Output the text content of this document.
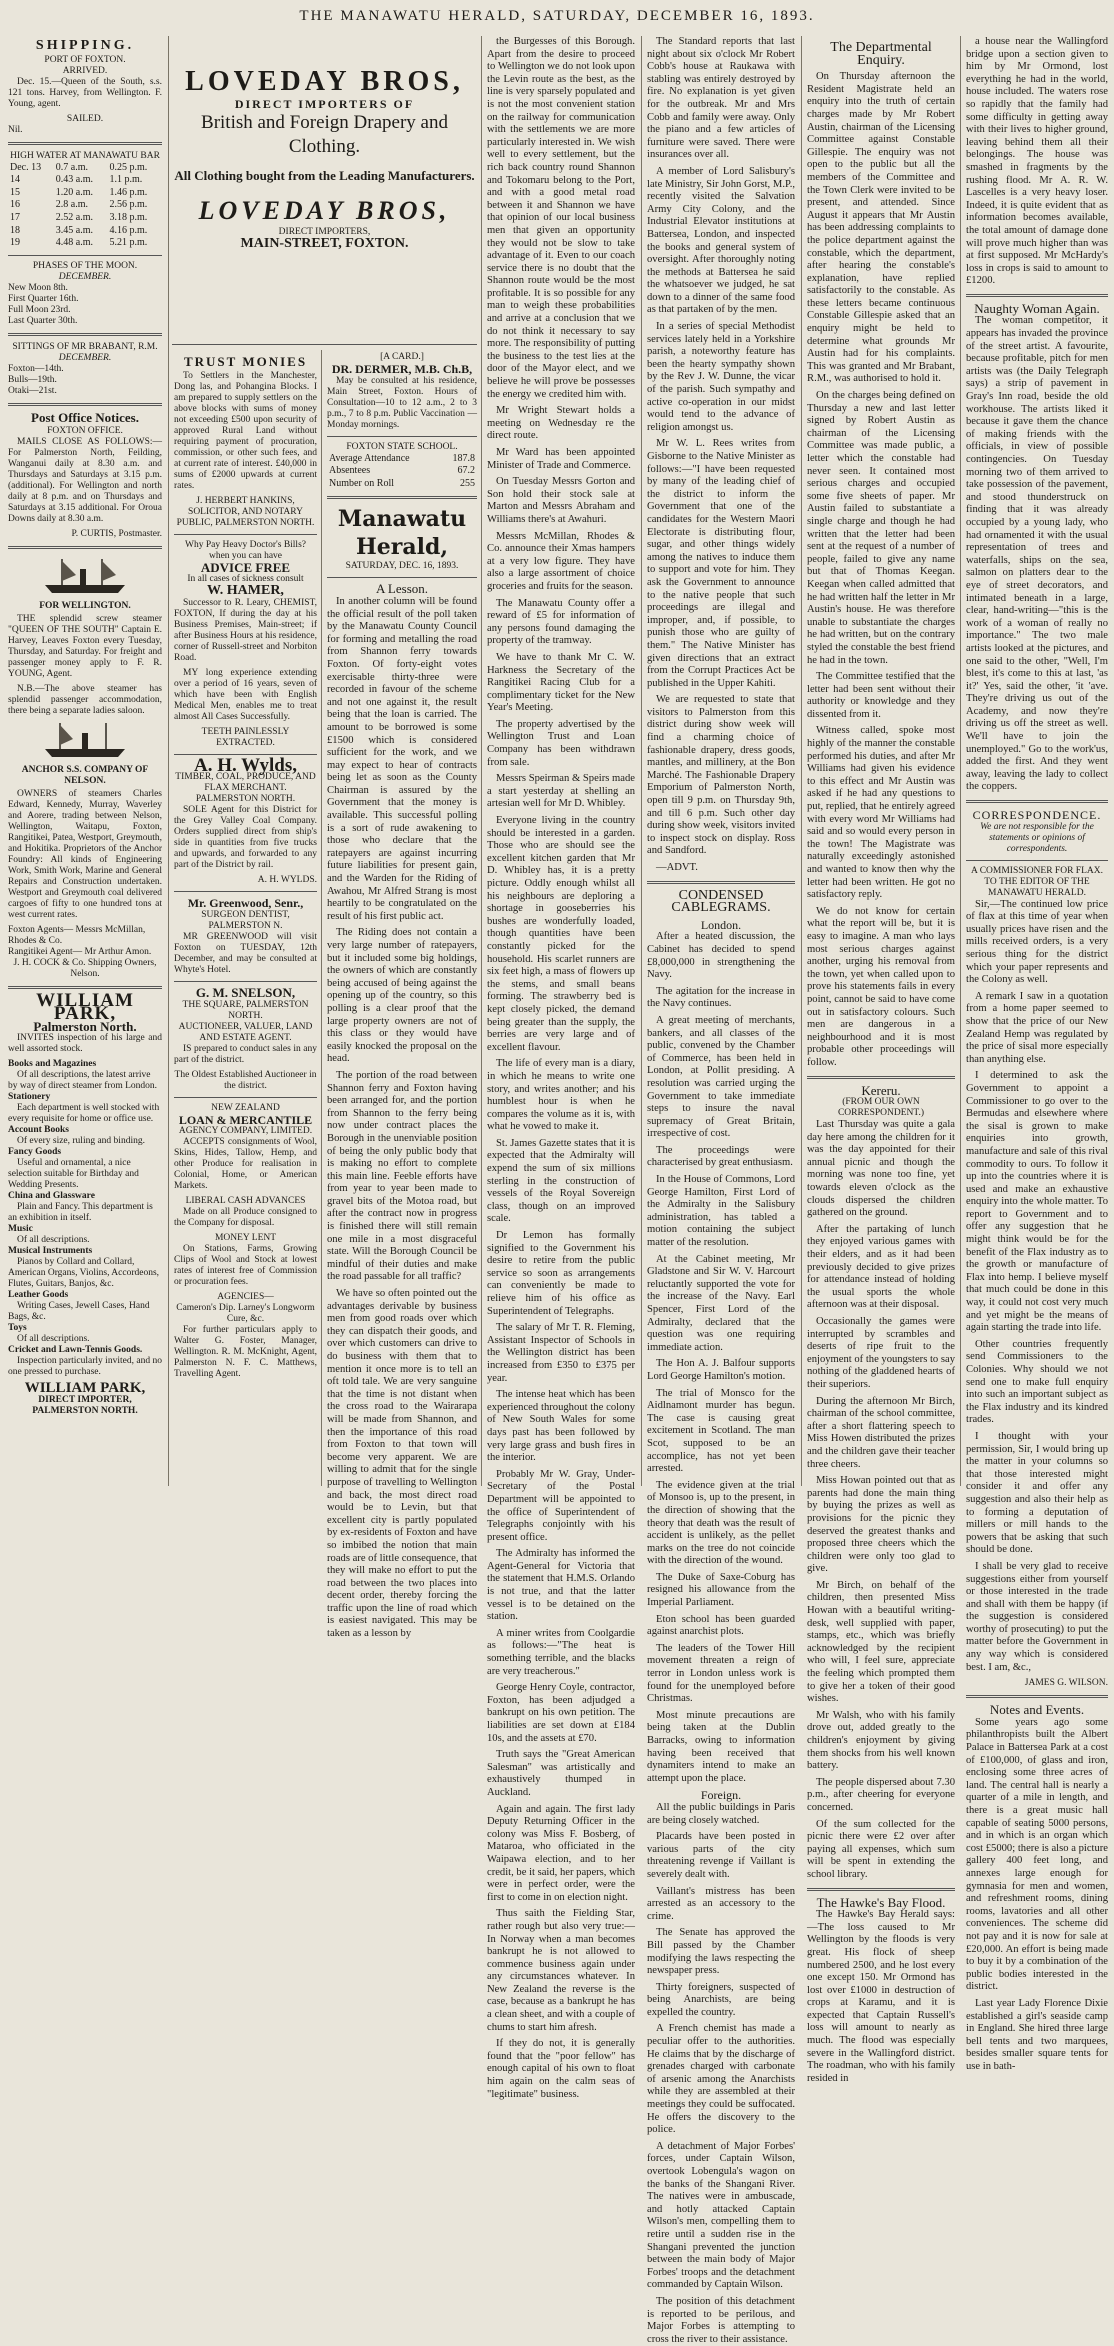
THE MANAWATU HERALD, SATURDAY, DECEMBER 16, 1893.
SHIPPING.
PORT OF FOXTON.
ARRIVED.

Dec. 15.—Queen of the South, s.s. 121 tons. Harvey, from Wellington. F. Young, agent.

SAILED.
Nil.
HIGH WATER AT MANAWATU BAR
Dec. 13	0.7 a.m.	0.25 p.m.
14	0.43 a.m.	1.1 p.m.
15	1.20 a.m.	1.46 p.m.
16	2.8 a.m.	2.56 p.m.
17	2.52 a.m.	3.18 p.m.
18	3.45 a.m.	4.16 p.m.
19	4.48 a.m.	5.21 p.m.
PHASES OF THE MOON.
DECEMBER.
New Moon 8th.
First Quarter 16th.
Full Moon 23rd.
Last Quarter 30th.
SITTINGS OF MR BRABANT, R.M.
DECEMBER.
Foxton—14th.
Bulls—19th.
Otaki—21st.
Post Office Notices.
FOXTON OFFICE.

MAILS CLOSE AS FOLLOWS:— For Palmerston North, Feilding, Wanganui daily at 8.30 a.m. and Thursdays and Saturdays at 3.15 p.m. (additional). For Wellington and north daily at 8 p.m. and on Thursdays and Saturdays at 3.15 additional. For Oroua Downs daily at 8.30 a.m.

P. CURTIS, Postmaster.
FOR WELLINGTON.

THE splendid screw steamer "QUEEN OF THE SOUTH" Captain E. Harvey, Leaves Foxton every Tuesday, Thursday, and Saturday. For freight and passenger money apply to F. R. YOUNG, Agent.

N.B.—The above steamer has splendid passenger accommodation, there being a separate ladies saloon.

ANCHOR S.S. COMPANY OF NELSON.

OWNERS of steamers Charles Edward, Kennedy, Murray, Waverley and Aorere, trading between Nelson, Wellington, Waitapu, Foxton, Rangitikei, Patea, Westport, Greymouth, and Hokitika. Proprietors of the Anchor Foundry: All kinds of Engineering Work, Smith Work, Marine and General Repairs and Construction undertaken. Westport and Greymouth coal delivered cargoes of fifty to one hundred tons at west current rates.

Foxton Agents— Messrs McMillan, Rhodes & Co.
Rangitikei Agent— Mr Arthur Amon.
J. H. COCK & Co. Shipping Owners, Nelson.
WILLIAM PARK,
Palmerston North.

INVITES inspection of his large and well assorted stock.

Books and Magazines
Of all descriptions, the latest arrive by way of direct steamer from London.
Stationery
Each department is well stocked with every requisite for home or office use.
Account Books
Of every size, ruling and binding.
Fancy Goods
Useful and ornamental, a nice selection suitable for Birthday and Wedding Presents.
China and Glassware
Plain and Fancy. This department is an exhibition in itself.
Music
Of all descriptions.
Musical Instruments
Pianos by Collard and Collard, American Organs, Violins, Accordeons, Flutes, Guitars, Banjos, &c.
Leather Goods
Writing Cases, Jewell Cases, Hand Bags, &c.
Toys
Of all descriptions.
Cricket and Lawn-Tennis Goods.

Inspection particularly invited, and no one pressed to purchase.

WILLIAM PARK,
DIRECT IMPORTER,
PALMERSTON NORTH.
LOVEDAY BROS,
DIRECT IMPORTERS OF
British and Foreign Drapery and Clothing.
All Clothing bought from the Leading Manufacturers.
LOVEDAY BROS,
DIRECT IMPORTERS,
MAIN-STREET, FOXTON.
TRUST MONIES

To Settlers in the Manchester, Dong las, and Pohangina Blocks. I am prepared to supply settlers on the above blocks with sums of money not exceeding £500 upon security of approved Rural Land without requiring payment of procuration, commission, or other such fees, and at current rate of interest. £40,000 in sums of £2000 upwards at current rates.

J. HERBERT HANKINS, SOLICITOR, AND NOTARY PUBLIC, PALMERSTON NORTH.
Why Pay Heavy Doctor's Bills? when you can have
ADVICE FREE
In all cases of sickness consult
W. HAMER,

Successor to R. Leary, CHEMIST, FOXTON, If during the day at his Business Premises, Main-street; if after Business Hours at his residence, corner of Russell-street and Norbiton Road.

MY long experience extending over a period of 16 years, seven of which have been with English Medical Men, enables me to treat almost All Cases Successfully.

TEETH PAINLESSLY EXTRACTED.
A. H. Wylds,
TIMBER, COAL, PRODUCE, AND FLAX MERCHANT.
PALMERSTON NORTH.

SOLE Agent for this District for the Grey Valley Coal Company. Orders supplied direct from ship's side in quantities from five trucks and upwards, and forwarded to any part of the District by rail.

A. H. WYLDS.
Mr. Greenwood, Senr.,
SURGEON DENTIST, PALMERSTON N.

MR GREENWOOD will visit Foxton on TUESDAY, 12th December, and may be consulted at Whyte's Hotel.

G. M. SNELSON,
THE SQUARE, PALMERSTON NORTH.
AUCTIONEER, VALUER, LAND AND ESTATE AGENT.

IS prepared to conduct sales in any part of the district.

The Oldest Established Auctioneer in the district.
NEW ZEALAND
LOAN & MERCANTILE
AGENCY COMPANY, LIMITED.

ACCEPTS consignments of Wool, Skins, Hides, Tallow, Hemp, and other Produce for realisation in Colonial, Home, or American Markets.

LIBERAL CASH ADVANCES

Made on all Produce consigned to the Company for disposal.

MONEY LENT

On Stations, Farms, Growing Clips of Wool and Stock at lowest rates of interest free of Commission or procuration fees.

AGENCIES—
Cameron's Dip. Larney's Longworm Cure, &c.

For further particulars apply to Walter G. Foster, Manager, Wellington. R. M. McKnight, Agent, Palmerston N. F. C. Matthews, Travelling Agent.

[A CARD.]
DR. DERMER, M.B. Ch.B,

May be consulted at his residence, Main Street, Foxton. Hours of Consultation—10 to 12 a.m., 2 to 3 p.m., 7 to 8 p.m. Public Vaccination — Monday mornings.

FOXTON STATE SCHOOL.
Average Attendance	187.8
Absentees	67.2
Number on Roll	255
Manawatu Herald,
SATURDAY, DEC. 16, 1893.
A Lesson.

In another column will be found the official result of the poll taken by the Manawatu County Council for forming and metalling the road from Shannon ferry towards Foxton. Of forty-eight votes exercisable thirty-three were recorded in favour of the scheme and not one against it, the result being that the loan is carried. The amount to be borrowed is some £1500 which is considered sufficient for the work, and we may expect to hear of contracts being let as soon as the County Chairman is assured by the Government that the money is available. This successful polling is a sort of rude awakening to those who declare that the ratepayers are against incurring future liabilities for present gain, and the Warden for the Riding of Awahou, Mr Alfred Strang is most heartily to be congratulated on the result of his first public act.

The Riding does not contain a very large number of ratepayers, but it included some big holdings, the owners of which are constantly being accused of being against the opening up of the country, so this polling is a clear proof that the large property owners are not of this class or they would have easily knocked the proposal on the head.

The portion of the road between Shannon ferry and Foxton having been arranged for, and the portion from Shannon to the ferry being now under contract places the Borough in the unenviable position of being the only public body that is making no effort to complete this main line. Feeble efforts have from year to year been made to gravel bits of the Motoa road, but after the contract now in progress is finished there will still remain one mile in a most disgraceful state. Will the Borough Council be mindful of their duties and make the road passable for all traffic?

We have so often pointed out the advantages derivable by business men from good roads over which they can dispatch their goods, and over which customers can drive to do business with them that to mention it once more is to tell an oft told tale. We are very sanguine that the time is not distant when the cross road to the Wairarapa will be made from Shannon, and then the importance of this road from Foxton to that town will become very apparent. We are willing to admit that for the single purpose of travelling to Wellington and back, the most direct road would be to Levin, but that excellent city is partly populated by ex-residents of Foxton and have so imbibed the notion that main roads are of little consequence, that they will make no effort to put the road between the two places into decent order, thereby forcing the traffic upon the line of road which is easiest navigated. This may be taken as a lesson by

the Burgesses of this Borough. Apart from the desire to proceed to Wellington we do not look upon the Levin route as the best, as the line is very sparsely populated and is not the most convenient station on the railway for communication with the settlements we are more particularly interested in. We wish well to every settlement, but the rich back country round Shannon and Tokomaru belong to the Port, and with a good metal road between it and Shannon we have that opinion of our local business men that given an opportunity they would not be slow to take advantage of it. Even to our coach service there is no doubt that the Shannon route would be the most profitable. It is so possible for any man to weigh these probabilities and arrive at a conclusion that we do not think it necessary to say more. The responsibility of putting the business to the test lies at the door of the Mayor elect, and we believe he will prove be possesses the energy we credited him with.

Mr Wright Stewart holds a meeting on Wednesday re the direct route.

Mr Ward has been appointed Minister of Trade and Commerce.

On Tuesday Messrs Gorton and Son hold their stock sale at Marton and Messrs Abraham and Williams there's at Awahuri.

Messrs McMillan, Rhodes & Co. announce their Xmas hampers at a very low figure. They have also a large assortment of choice groceries and fruits for the season.

The Manawatu County offer a reward of £5 for information of any persons found damaging the property of the tramway.

We have to thank Mr C. W. Harkness the Secretary of the Rangitikei Racing Club for a complimentary ticket for the New Year's Meeting.

The property advertised by the Wellington Trust and Loan Company has been withdrawn from sale.

Messrs Speirman & Speirs made a start yesterday at shelling an artesian well for Mr D. Whibley.

Everyone living in the country should be interested in a garden. Those who are should see the excellent kitchen garden that Mr D. Whibley has, it is a pretty picture. Oddly enough whilst all his neighbours are deploring a shortage in gooseberries his bushes are wonderfully loaded, though quantities have been constantly picked for the household. His scarlet runners are six feet high, a mass of flowers up the stems, and small beans forming. The strawberry bed is kept closely picked, the demand being greater than the supply, the berries are very large and of excellent flavour.

The life of every man is a diary, in which he means to write one story, and writes another; and his humblest hour is when he compares the volume as it is, with what he vowed to make it.

St. James Gazette states that it is expected that the Admiralty will expend the sum of six millions sterling in the construction of vessels of the Royal Sovereign class, though on an improved scale.

Dr Lemon has formally signified to the Government his desire to retire from the public service so soon as arrangements can conveniently be made to relieve him of his office as Superintendent of Telegraphs.

The salary of Mr T. R. Fleming, Assistant Inspector of Schools in the Wellington district has been increased from £350 to £375 per year.

The intense heat which has been experienced throughout the colony of New South Wales for some days past has been followed by very large grass and bush fires in the interior.

Probably Mr W. Gray, Under-Secretary of the Postal Department will be appointed to the office of Superintendent of Telegraphs conjointly with his present office.

The Admiralty has informed the Agent-General for Victoria that the statement that H.M.S. Orlando is not true, and that the latter vessel is to be detained on the station.

A miner writes from Coolgardie as follows:—"The heat is something terrible, and the blacks are very treacherous."

George Henry Coyle, contractor, Foxton, has been adjudged a bankrupt on his own petition. The liabilities are set down at £184 10s, and the assets at £70.

Truth says the "Great American Salesman" was artistically and exhaustively thumped in Auckland.

Again and again. The first lady Deputy Returning Officer in the colony was Miss F. Bosberg, of Mataroa, who officiated in the Waipawa election, and to her credit, be it said, her papers, which were in perfect order, were the first to come in on election night.

Thus saith the Fielding Star, rather rough but also very true:—In Norway when a man becomes bankrupt he is not allowed to commence business again under any circumstances whatever. In New Zealand the reverse is the case, because as a bankrupt he has a clean sheet, and with a couple of chums to start him afresh.

If they do not, it is generally found that the "poor fellow" has enough capital of his own to float him again on the calm seas of "legitimate" business.

The Standard reports that last night about six o'clock Mr Robert Cobb's house at Raukawa with stabling was entirely destroyed by fire. No explanation is yet given for the outbreak. Mr and Mrs Cobb and family were away. Only the piano and a few articles of furniture were saved. There were insurances over all.

A member of Lord Salisbury's late Ministry, Sir John Gorst, M.P., recently visited the Salvation Army City Colony, and the Industrial Elevator institutions at Battersea, London, and inspected the books and general system of oversight. After thoroughly noting the methods at Battersea he said the whatsoever we judged, he sat down to a dinner of the same food as that partaken of by the men.

In a series of special Methodist services lately held in a Yorkshire parish, a noteworthy feature has been the hearty sympathy shown by the Rev J. W. Dunne, the vicar of the parish. Such sympathy and active co-operation in our midst would tend to the advance of religion amongst us.

Mr W. L. Rees writes from Gisborne to the Native Minister as follows:—"I have been requested by many of the leading chief of the district to inform the Government that one of the candidates for the Western Maori Electorate is distributing flour, sugar, and other things widely among the natives to induce them to support and vote for him. They ask the Government to announce to the native people that such proceedings are illegal and improper, and, if possible, to punish those who are guilty of them." The Native Minister has given directions that an extract from the Corrupt Practices Act be published in the Upper Kahiti.

We are requested to state that visitors to Palmerston from this district during show week will find a charming choice of fashionable drapery, dress goods, mantles, and millinery, at the Bon Marché. The Fashionable Drapery Emporium of Palmerston North, open till 9 p.m. on Thursday 9th, and till 6 p.m. Such other day during show week, visitors invited to inspect stock on display. Ross and Sandford.

—ADVT.

CONDENSED CABLEGRAMS.
London.

After a heated discussion, the Cabinet has decided to spend £8,000,000 in strengthening the Navy.

The agitation for the increase in the Navy continues.

A great meeting of merchants, bankers, and all classes of the public, convened by the Chamber of Commerce, has been held in London, at Pollit presiding. A resolution was carried urging the Government to take immediate steps to insure the naval supremacy of Great Britain, irrespective of cost.

The proceedings were characterised by great enthusiasm.

In the House of Commons, Lord George Hamilton, First Lord of the Admiralty in the Salisbury administration, has tabled a motion containing the subject matter of the resolution.

At the Cabinet meeting, Mr Gladstone and Sir W. V. Harcourt reluctantly supported the vote for the increase of the Navy. Earl Spencer, First Lord of the Admiralty, declared that the question was one requiring immediate action.

The Hon A. J. Balfour supports Lord George Hamilton's motion.

The trial of Monsco for the Aidlnamont murder has begun. The case is causing great excitement in Scotland. The man Scot, supposed to be an accomplice, has not yet been arrested.

The evidence given at the trial of Monsoo is, up to the present, in the direction of showing that the theory that death was the result of accident is unlikely, as the pellet marks on the tree do not coincide with the direction of the wound.

The Duke of Saxe-Coburg has resigned his allowance from the Imperial Parliament.

Eton school has been guarded against anarchist plots.

The leaders of the Tower Hill movement threaten a reign of terror in London unless work is found for the unemployed before Christmas.

Most minute precautions are being taken at the Dublin Barracks, owing to information having been received that dynamiters intend to make an attempt upon the place.

Foreign.

All the public buildings in Paris are being closely watched.

Placards have been posted in various parts of the city threatening revenge if Vaillant is severely dealt with.

Vaillant's mistress has been arrested as an accessory to the crime.

The Senate has approved the Bill passed by the Chamber modifying the laws respecting the newspaper press.

Thirty foreigners, suspected of being Anarchists, are being expelled the country.

A French chemist has made a peculiar offer to the authorities. He claims that by the discharge of grenades charged with carbonate of arsenic among the Anarchists while they are assembled at their meetings they could be suffocated. He offers the discovery to the police.

A detachment of Major Forbes' forces, under Captain Wilson, overtook Lobengula's wagon on the banks of the Shangani River. The natives were in ambuscade, and hotly attacked Captain Wilson's men, compelling them to retire until a sudden rise in the Shangani prevented the junction between the main body of Major Forbes' troops and the detachment commanded by Captain Wilson.

The position of this detachment is reported to be perilous, and Major Forbes is attempting to cross the river to their assistance.

The Departmental Enquiry.

On Thursday afternoon the Resident Magistrate held an enquiry into the truth of certain charges made by Mr Robert Austin, chairman of the Licensing Committee against Constable Gillespie. The enquiry was not open to the public but all the members of the Committee and the Town Clerk were invited to be present, and attended. Since August it appears that Mr Austin has been addressing complaints to the police department against the constable, which the department, after hearing the constable's explanation, have replied satisfactorily to the constable. As these letters became continuous Constable Gillespie asked that an enquiry might be held to determine what grounds Mr Austin had for his complaints. This was granted and Mr Brabant, R.M., was authorised to hold it.

On the charges being defined on Thursday a new and last letter signed by Robert Austin as chairman of the Licensing Committee was made public, a letter which the constable had never seen. It contained most serious charges and occupied some five sheets of paper. Mr Austin failed to substantiate a single charge and though he had written that the letter had been sent at the request of a number of people, failed to give any name but that of Thomas Keegan. Keegan when called admitted that he had written half the letter in Mr Austin's house. He was therefore unable to substantiate the charges he had written, but on the contrary styled the constable the best friend he had in the town.

The Committee testified that the letter had been sent without their authority or knowledge and they dissented from it.

Witness called, spoke most highly of the manner the constable performed his duties, and after Mr Williams had given his evidence to this effect and Mr Austin was asked if he had any questions to put, replied, that he entirely agreed with every word Mr Williams had said and so would every person in the town! The Magistrate was naturally exceedingly astonished and wanted to know then why the letter had been written. He got no satisfactory reply.

We do not know for certain what the report will be, but it is easy to imagine. A man who lays most serious charges against another, urging his removal from the town, yet when called upon to prove his statements fails in every point, cannot be said to have come out in satisfactory colours. Such men are dangerous in a neighbourhood and it is most probable other proceedings will follow.

Kereru.
(FROM OUR OWN CORRESPONDENT.)

Last Thursday was quite a gala day here among the children for it was the day appointed for their annual picnic and though the morning was none too fine, yet towards eleven o'clock as the clouds dispersed the children gathered on the ground.

After the partaking of lunch they enjoyed various games with their elders, and as it had been previously decided to give prizes for attendance instead of holding the usual sports the whole afternoon was at their disposal.

Occasionally the games were interrupted by scrambles and deserts of ripe fruit to the enjoyment of the youngsters to say nothing of the gladdened hearts of their superiors.

During the afternoon Mr Birch, chairman of the school committee, after a short flattering speech to Miss Howen distributed the prizes and the children gave their teacher three cheers.

Miss Howan pointed out that as parents had done the main thing by buying the prizes as well as provisions for the picnic they deserved the greatest thanks and proposed three cheers which the children were only too glad to give.

Mr Birch, on behalf of the children, then presented Miss Howan with a beautiful writing-desk, well supplied with paper, stamps, etc., which was briefly acknowledged by the recipient who will, I feel sure, appreciate the feeling which prompted them to give her a token of their good wishes.

Mr Walsh, who with his family drove out, added greatly to the children's enjoyment by giving them shocks from his well known battery.

The people dispersed about 7.30 p.m., after cheering for everyone concerned.

Of the sum collected for the picnic there were £2 over after paying all expenses, which sum will be spent in extending the school library.

The Hawke's Bay Flood.

The Hawke's Bay Herald says:—The loss caused to Mr Wellington by the floods is very great. His flock of sheep numbered 2500, and he lost every one except 150. Mr Ormond has lost over £1000 in destruction of crops at Karamu, and it is expected that Captain Russell's loss will amount to nearly as much. The flood was especially severe in the Wallingford district. The roadman, who with his family resided in

a house near the Wallingford bridge upon a section given to him by Mr Ormond, lost everything he had in the world, house included. The waters rose so rapidly that the family had some difficulty in getting away with their lives to higher ground, leaving behind them all their belongings. The house was smashed in fragments by the rushing flood. Mr A. R. W. Lascelles is a very heavy loser. Indeed, it is quite evident that as information becomes available, the total amount of damage done will prove much higher than was at first supposed. Mr McHardy's loss in crops is said to amount to £1200.

Naughty Woman Again.

The woman competitor, it appears has invaded the province of the street artist. A favourite, because profitable, pitch for men artists was (the Daily Telegraph says) a strip of pavement in Gray's Inn road, beside the old workhouse. The artists liked it because it gave them the chance of making friends with the officials, in view of possible contingencies. On Tuesday morning two of them arrived to take possession of the pavement, and stood thunderstruck on finding that it was already occupied by a young lady, who had ornamented it with the usual representation of trees and waterfalls, ships on the sea, salmon on platters dear to the eye of street decorators, and intimated beneath in a large, clear, hand-writing—"this is the work of a woman of really no importance." The two male artists looked at the pictures, and one said to the other, "Well, I'm blest, it's come to this at last, 'as it?' Yes, said the other, 'it 'ave. They're driving us out of the Academy, and now they're driving us off the street as well. We'll have to join the unemployed." Go to the work'us, added the first. And they went away, leaving the lady to collect the coppers.

CORRESPONDENCE.
We are not responsible for the statements or opinions of correspondents.
A COMMISSIONER FOR FLAX.
TO THE EDITOR OF THE MANAWATU HERALD.

Sir,—The continued low price of flax at this time of year when usually prices have risen and the mills received orders, is a very serious thing for the district which your paper represents and the Colony as well.

A remark I saw in a quotation from a home paper seemed to show that the price of our New Zealand Hemp was regulated by the price of sisal more especially than anything else.

I determined to ask the Government to appoint a Commissioner to go over to the Bermudas and elsewhere where the sisal is grown to make enquiries into growth, manufacture and sale of this rival commodity to ours. To follow it up into the countries where it is used and make an exhaustive enquiry into the whole matter. To report to Government and to offer any suggestion that he might think would be for the benefit of the Flax industry as to the growth or manufacture of Flax into hemp. I believe myself that much could be done in this way, it could not cost very much and yet might be the means of again starting the trade into life.

Other countries frequently send Commissioners to the Colonies. Why should we not send one to make full enquiry into such an important subject as the Flax industry and its kindred trades.

I thought with your permission, Sir, I would bring up the matter in your columns so that those interested might consider it and offer any suggestion and also their help as to forming a deputation of millers or mill hands to the powers that be asking that such should be done.

I shall be very glad to receive suggestions either from yourself or those interested in the trade and shall with them be happy (if the suggestion is considered worthy of prosecuting) to put the matter before the Government in any way which is considered best. I am, &c.,

JAMES G. WILSON.
Notes and Events.

Some years ago some philanthropists built the Albert Palace in Battersea Park at a cost of £100,000, of glass and iron, enclosing some three acres of land. The central hall is nearly a quarter of a mile in length, and there is a great music hall capable of seating 5000 persons, and in which is an organ which cost £5000; there is also a picture gallery 400 feet long, and annexes large enough for gymnasia for men and women, and refreshment rooms, dining rooms, lavatories and all other conveniences. The scheme did not pay and it is now for sale at £20,000. An effort is being made to buy it by a combination of the public bodies interested in the district.

Last year Lady Florence Dixie established a girl's seaside camp in England. She hired three large bell tents and two marquees, besides smaller square tents for use in bath-
